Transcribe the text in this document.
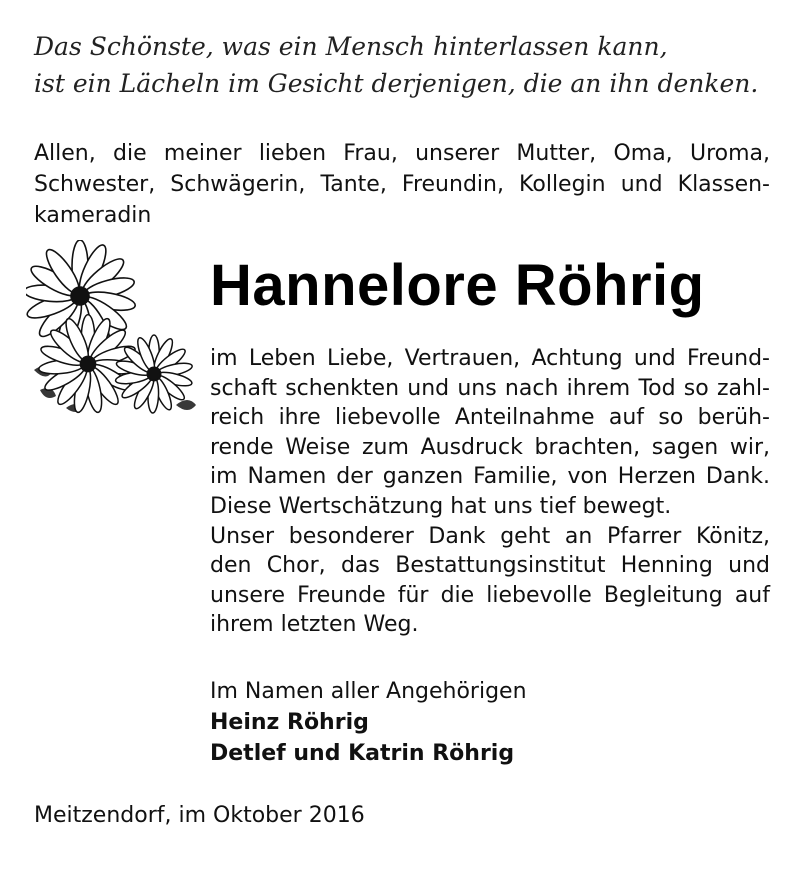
Das Schönste, was ein Mensch hinterlassen kann,
ist ein Lächeln im Gesicht derjenigen, die an ihn denken.
Allen, die meiner lieben Frau, unserer Mutter, Oma, Uroma,
Schwester, Schwägerin, Tante, Freundin, Kollegin und Klassen-
kameradin
Hannelore Röhrig
im Leben Liebe, Vertrauen, Achtung und Freund-
schaft schenkten und uns nach ihrem Tod so zahl-
reich ihre liebevolle Anteilnahme auf so berüh-
rende Weise zum Ausdruck brachten, sagen wir,
im Namen der ganzen Familie, von Herzen Dank.
Diese Wertschätzung hat uns tief bewegt.
Unser besonderer Dank geht an Pfarrer Könitz,
den Chor, das Bestattungsinstitut Henning und
unsere Freunde für die liebevolle Begleitung auf
ihrem letzten Weg.
Im Namen aller Angehörigen
Heinz Röhrig
Detlef und Katrin Röhrig
Meitzendorf, im Oktober 2016
